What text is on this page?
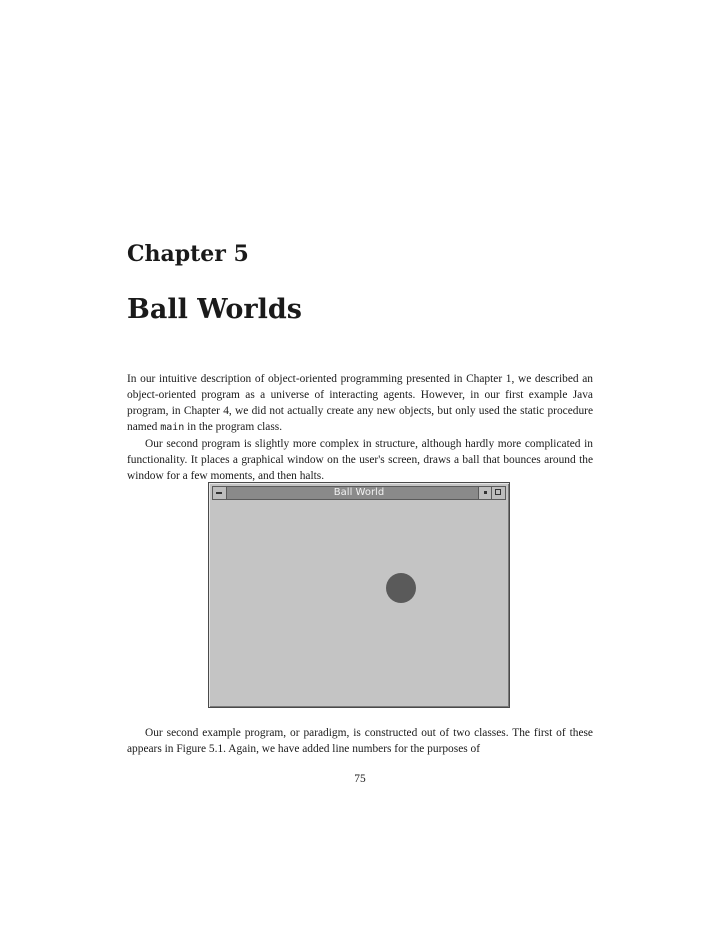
Chapter 5
Ball Worlds

In our intuitive description of object-oriented programming presented in Chapter 1, we described an object-oriented program as a universe of interacting agents. However, in our first example Java program, in Chapter 4, we did not actually create any new objects, but only used the static procedure named main in the program class.

Our second program is slightly more complex in structure, although hardly more complicated in functionality. It places a graphical window on the user's screen, draws a ball that bounces around the window for a few moments, and then halts.

Ball World

Our second example program, or paradigm, is constructed out of two classes. The first of these appears in Figure 5.1. Again, we have added line numbers for the purposes of

75
